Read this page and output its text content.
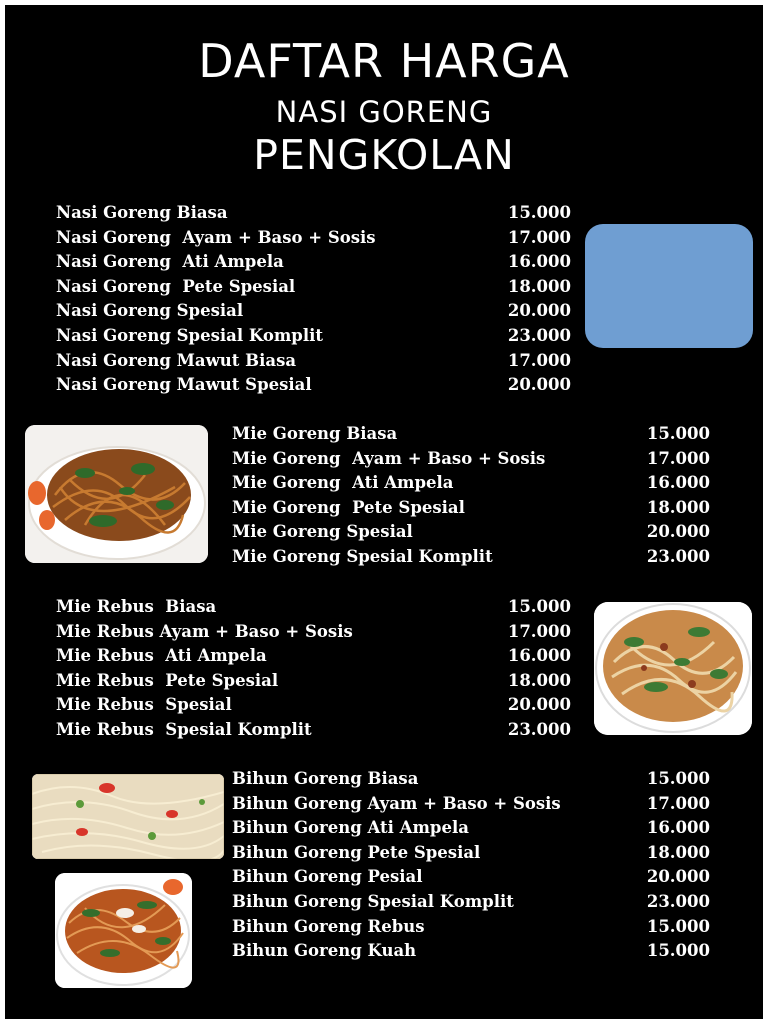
DAFTAR HARGA
NASI GORENG
PENGKOLAN
Nasi Goreng Biasa	15.000
Nasi Goreng  Ayam + Baso + Sosis	17.000
Nasi Goreng  Ati Ampela	16.000
Nasi Goreng  Pete Spesial	18.000
Nasi Goreng Spesial	20.000
Nasi Goreng Spesial Komplit	23.000
Nasi Goreng Mawut Biasa	17.000
Nasi Goreng Mawut Spesial	20.000
Mie Goreng Biasa	15.000
Mie Goreng  Ayam + Baso + Sosis	17.000
Mie Goreng  Ati Ampela	16.000
Mie Goreng  Pete Spesial	18.000
Mie Goreng Spesial	20.000
Mie Goreng Spesial Komplit	23.000
Mie Rebus  Biasa	15.000
Mie Rebus Ayam + Baso + Sosis	17.000
Mie Rebus  Ati Ampela	16.000
Mie Rebus  Pete Spesial	18.000
Mie Rebus  Spesial	20.000
Mie Rebus  Spesial Komplit	23.000
Bihun Goreng Biasa	15.000
Bihun Goreng Ayam + Baso + Sosis	17.000
Bihun Goreng Ati Ampela	16.000
Bihun Goreng Pete Spesial	18.000
Bihun Goreng Pesial	20.000
Bihun Goreng Spesial Komplit	23.000
Bihun Goreng Rebus	15.000
Bihun Goreng Kuah	15.000
